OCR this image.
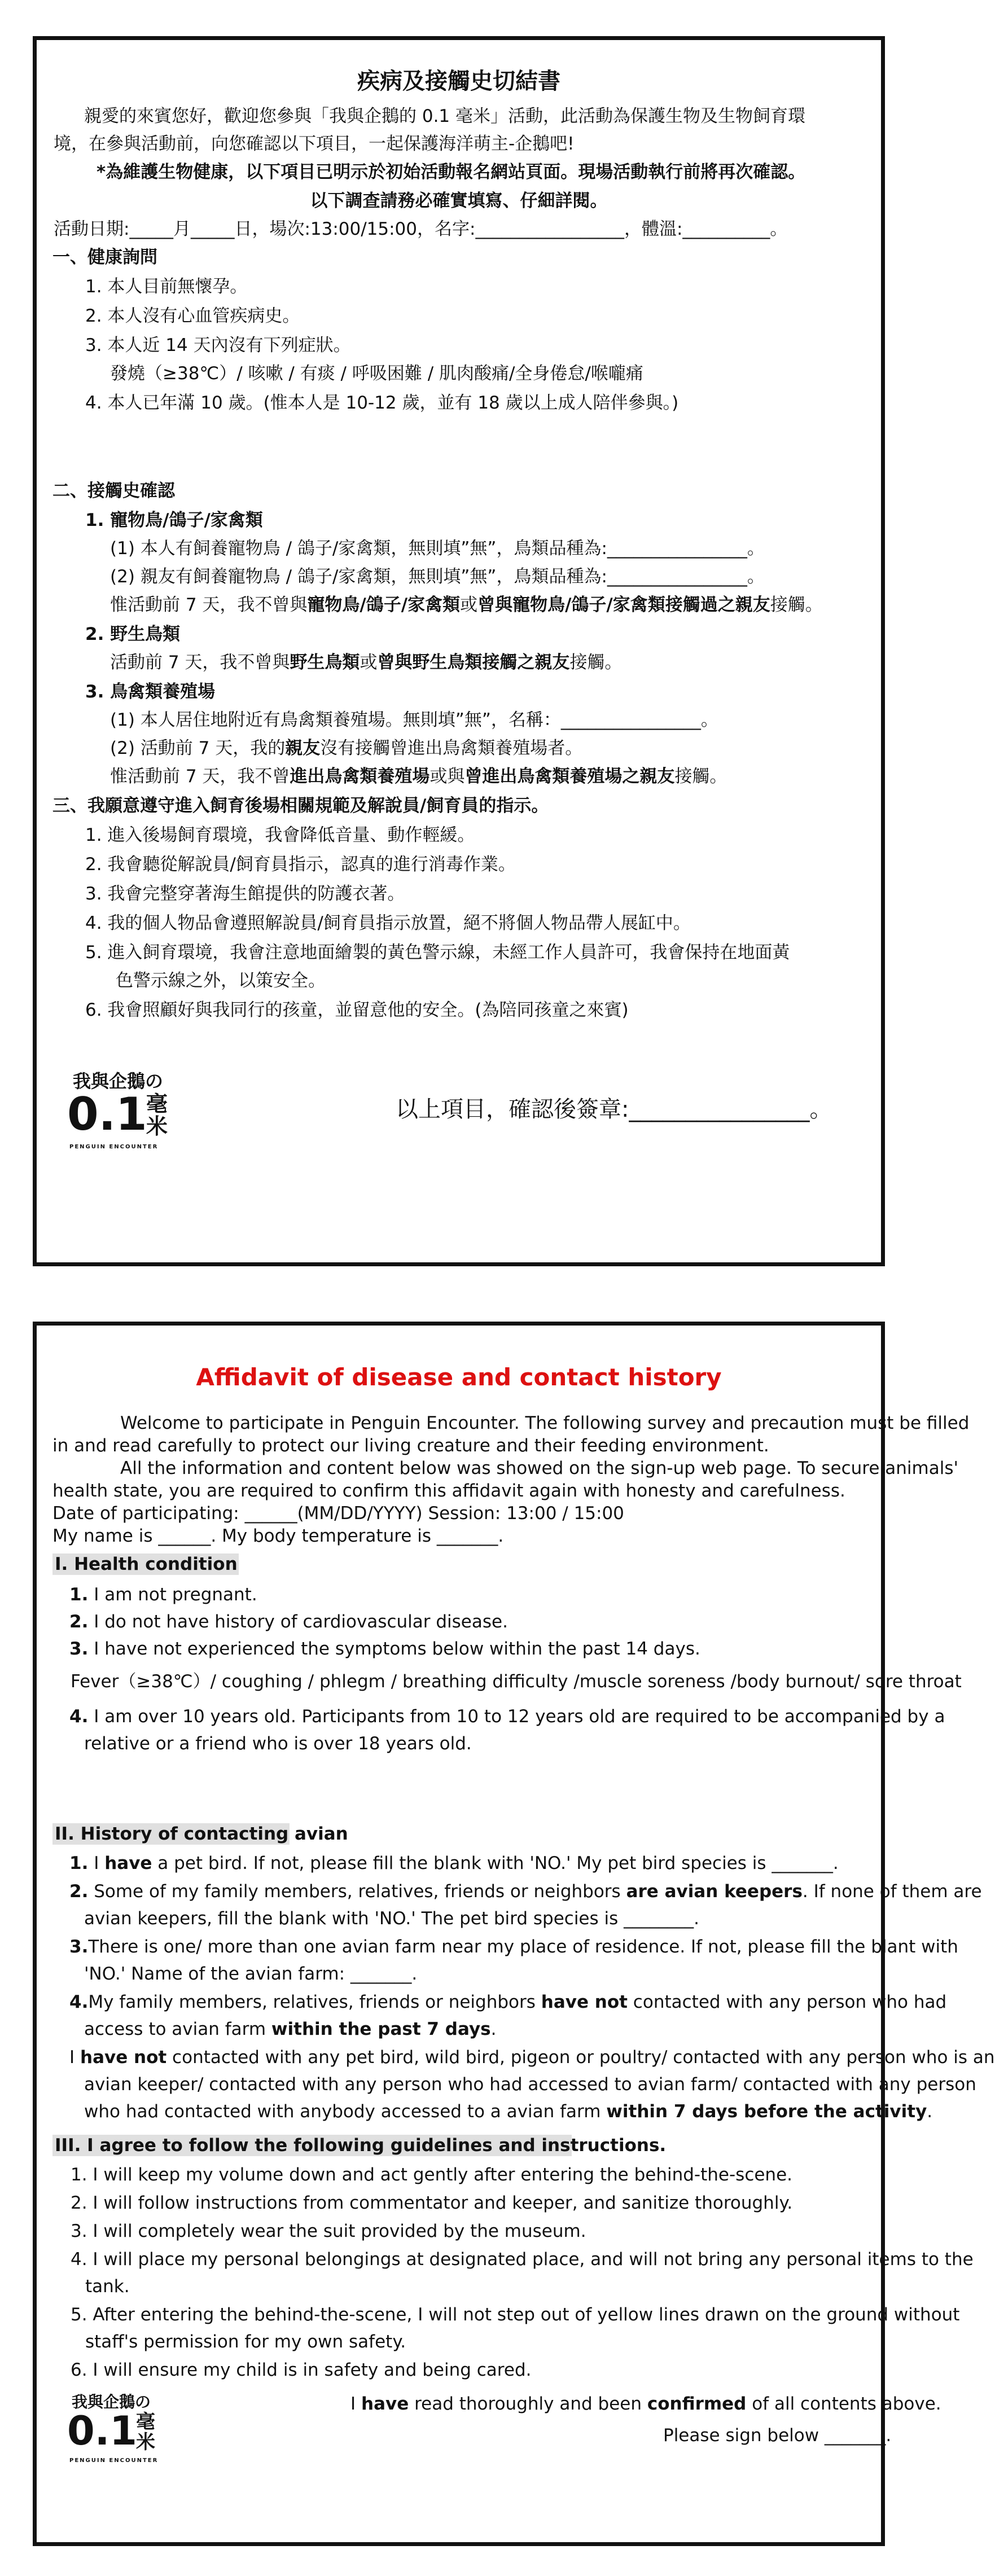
疾病及接觸史切結書
親愛的來賓您好，歡迎您參與「我與企鵝的 0.1 毫米」活動，此活動為保護生物及生物飼育環
境，在參與活動前，向您確認以下項目，一起保護海洋萌主-企鵝吧!
*為維護生物健康，以下項目已明示於初始活動報名網站頁面。現場活動執行前將再次確認。
以下調查請務必確實填寫、仔細詳閱。
活動日期:_____月_____日，場次:13:00/15:00，名字:_________________，體溫:__________。
一、健康詢問
1. 本人目前無懷孕。
2. 本人沒有心血管疾病史。
3. 本人近 14 天內沒有下列症狀。
發燒（≥38℃）/ 咳嗽 / 有痰 / 呼吸困難 / 肌肉酸痛/全身倦怠/喉嚨痛
4. 本人已年滿 10 歲。(惟本人是 10-12 歲，並有 18 歲以上成人陪伴參與。)
二、接觸史確認
1. 寵物鳥/鴿子/家禽類
(1) 本人有飼養寵物鳥 / 鴿子/家禽類，無則填”無”，鳥類品種為:________________。
(2) 親友有飼養寵物鳥 / 鴿子/家禽類，無則填”無”，鳥類品種為:________________。
惟活動前 7 天，我不曾與寵物鳥/鴿子/家禽類或曾與寵物鳥/鴿子/家禽類接觸過之親友接觸。
2. 野生鳥類
活動前 7 天，我不曾與野生鳥類或曾與野生鳥類接觸之親友接觸。
3. 鳥禽類養殖場
(1) 本人居住地附近有鳥禽類養殖場。無則填”無”，名稱：________________。
(2) 活動前 7 天，我的親友沒有接觸曾進出鳥禽類養殖場者。
惟活動前 7 天，我不曾進出鳥禽類養殖場或與曾進出鳥禽類養殖場之親友接觸。
三、我願意遵守進入飼育後場相關規範及解說員/飼育員的指示。
1. 進入後場飼育環境，我會降低音量、動作輕緩。
2. 我會聽從解說員/飼育員指示，認真的進行消毒作業。
3. 我會完整穿著海生館提供的防護衣著。
4. 我的個人物品會遵照解說員/飼育員指示放置，絕不將個人物品帶人展缸中。
5. 進入飼育環境，我會注意地面繪製的黃色警示線，未經工作人員許可，我會保持在地面黃
色警示線之外，以策安全。
6. 我會照顧好與我同行的孩童，並留意他的安全。(為陪同孩童之來賓)
我與企鵝の
0.1
毫
米
PENGUIN ENCOUNTER
以上項目，確認後簽章:________________。
Affidavit of disease and contact history
Welcome to participate in Penguin Encounter. The following survey and precaution must be filled
in and read carefully to protect our living creature and their feeding environment.
All the information and content below was showed on the sign-up web page. To secure animals'
health state, you are required to confirm this affidavit again with honesty and carefulness.
Date of participating: ______(MM/DD/YYYY) Session: 13:00 / 15:00
My name is ______. My body temperature is _______.
I. Health condition
1. I am not pregnant.
2. I do not have history of cardiovascular disease.
3. I have not experienced the symptoms below within the past 14 days.
Fever（≥38℃）/ coughing / phlegm / breathing difficulty /muscle soreness /body burnout/ sore throat
4. I am over 10 years old. Participants from 10 to 12 years old are required to be accompanied by a
relative or a friend who is over 18 years old.
II. History of contacting avian
1. I have a pet bird. If not, please fill the blank with 'NO.' My pet bird species is _______.
2. Some of my family members, relatives, friends or neighbors are avian keepers. If none of them are
avian keepers, fill the blank with 'NO.' The pet bird species is ________.
3.There is one/ more than one avian farm near my place of residence. If not, please fill the blant with
'NO.' Name of the avian farm: _______.
4.My family members, relatives, friends or neighbors have not contacted with any person who had
access to avian farm within the past 7 days.
I have not contacted with any pet bird, wild bird, pigeon or poultry/ contacted with any person who is an
avian keeper/ contacted with any person who had accessed to avian farm/ contacted with any person
who had contacted with anybody accessed to a avian farm within 7 days before the activity.
III. I agree to follow the following guidelines and instructions.
1. I will keep my volume down and act gently after entering the behind-the-scene.
2. I will follow instructions from commentator and keeper, and sanitize thoroughly.
3. I will completely wear the suit provided by the museum.
4. I will place my personal belongings at designated place, and will not bring any personal items to the
tank.
5. After entering the behind-the-scene, I will not step out of yellow lines drawn on the ground without
staff's permission for my own safety.
6. I will ensure my child is in safety and being cared.
我與企鵝の
0.1
毫
米
PENGUIN ENCOUNTER
I have read thoroughly and been confirmed of all contents above.
Please sign below _______.
